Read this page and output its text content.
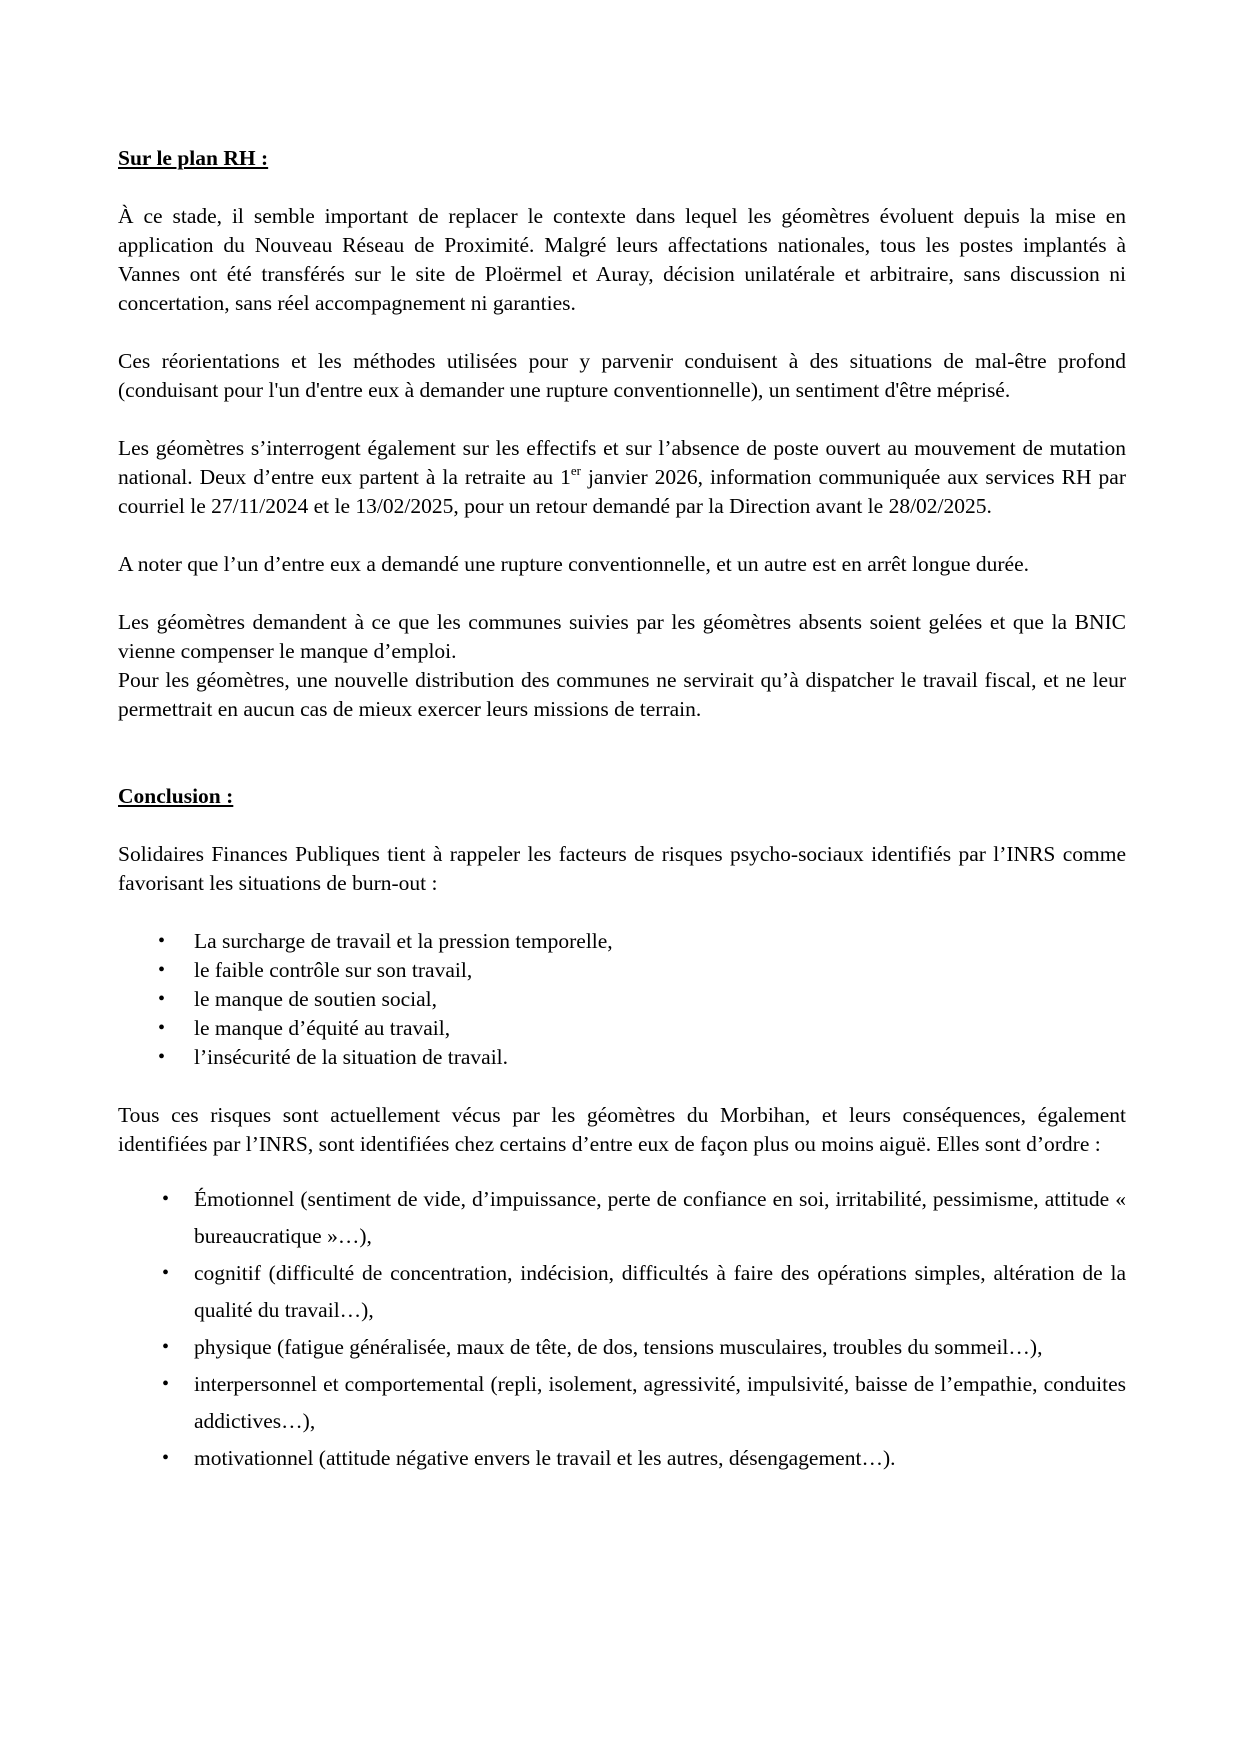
Sur le plan RH :

À ce stade, il semble important de replacer le contexte dans lequel les géomètres évoluent depuis la mise en application du Nouveau Réseau de Proximité. Malgré leurs affectations nationales, tous les postes implantés à Vannes ont été transférés sur le site de Ploërmel et Auray, décision unilatérale et arbitraire, sans discussion ni concertation, sans réel accompagnement ni garanties.

Ces réorientations et les méthodes utilisées pour y parvenir conduisent à des situations de mal-être profond (conduisant pour l'un d'entre eux à demander une rupture conventionnelle), un sentiment d'être méprisé.

Les géomètres s’interrogent également sur les effectifs et sur l’absence de poste ouvert au mouvement de mutation national. Deux d’entre eux partent à la retraite au 1er janvier 2026, information communiquée aux services RH par courriel le 27/11/2024 et le 13/02/2025, pour un retour demandé par la Direction avant le 28/02/2025.

A noter que l’un d’entre eux a demandé une rupture conventionnelle, et un autre est en arrêt longue durée.

Les géomètres demandent à ce que les communes suivies par les géomètres absents soient gelées et que la BNIC vienne compenser le manque d’emploi.

Pour les géomètres, une nouvelle distribution des communes ne servirait qu’à dispatcher le travail fiscal, et ne leur permettrait en aucun cas de mieux exercer leurs missions de terrain.

Conclusion :

Solidaires Finances Publiques tient à rappeler les facteurs de risques psycho-sociaux identifiés par l’INRS comme favorisant les situations de burn-out :

• La surcharge de travail et la pression temporelle,
• le faible contrôle sur son travail,
• le manque de soutien social,
• le manque d’équité au travail,
• l’insécurité de la situation de travail.

Tous ces risques sont actuellement vécus par les géomètres du Morbihan, et leurs conséquences, également identifiées par l’INRS, sont identifiées chez certains d’entre eux de façon plus ou moins aiguë. Elles sont d’ordre :

• Émotionnel (sentiment de vide, d’impuissance, perte de confiance en soi, irritabilité, pessimisme, attitude « bureaucratique »…),
• cognitif (difficulté de concentration, indécision, difficultés à faire des opérations simples, altération de la qualité du travail…),
• physique (fatigue généralisée, maux de tête, de dos, tensions musculaires, troubles du sommeil…),
• interpersonnel et comportemental (repli, isolement, agressivité, impulsivité, baisse de l’empathie, conduites addictives…),
• motivationnel (attitude négative envers le travail et les autres, désengagement…).
